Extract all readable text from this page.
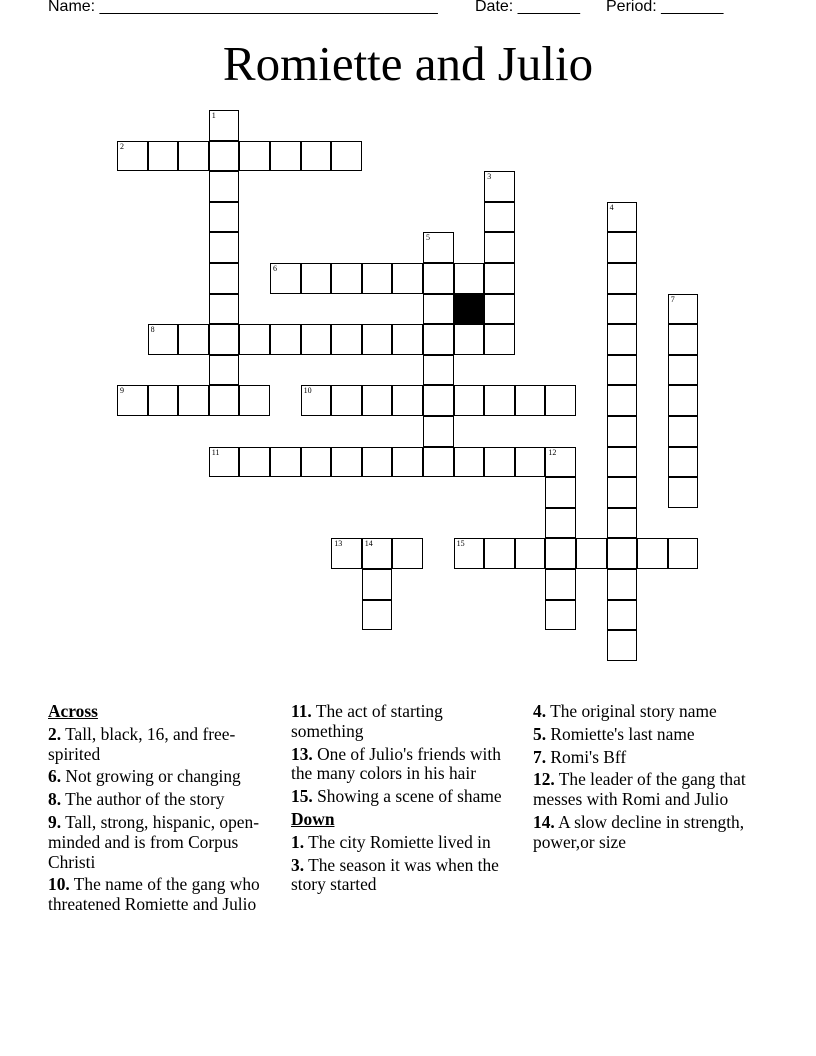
Name: ______________________________________ Date: _______ Period: _______
Romiette and Julio
1
2
3
4
5
6
7
8
9	10
11	12
13	14	15
Across
2. Tall, black, 16, and free-spirited
6. Not growing or changing
8. The author of the story
9. Tall, strong, hispanic, open-minded and is from Corpus Christi
10. The name of the gang who threatened Romiette and Julio
11. The act of starting something
13. One of Julio's friends with the many colors in his hair
15. Showing a scene of shame
Down
1. The city Romiette lived in
3. The season it was when the story started
4. The original story name
5. Romiette's last name
7. Romi's Bff
12. The leader of the gang that messes with Romi and Julio
14. A slow decline in strength, power,or size
